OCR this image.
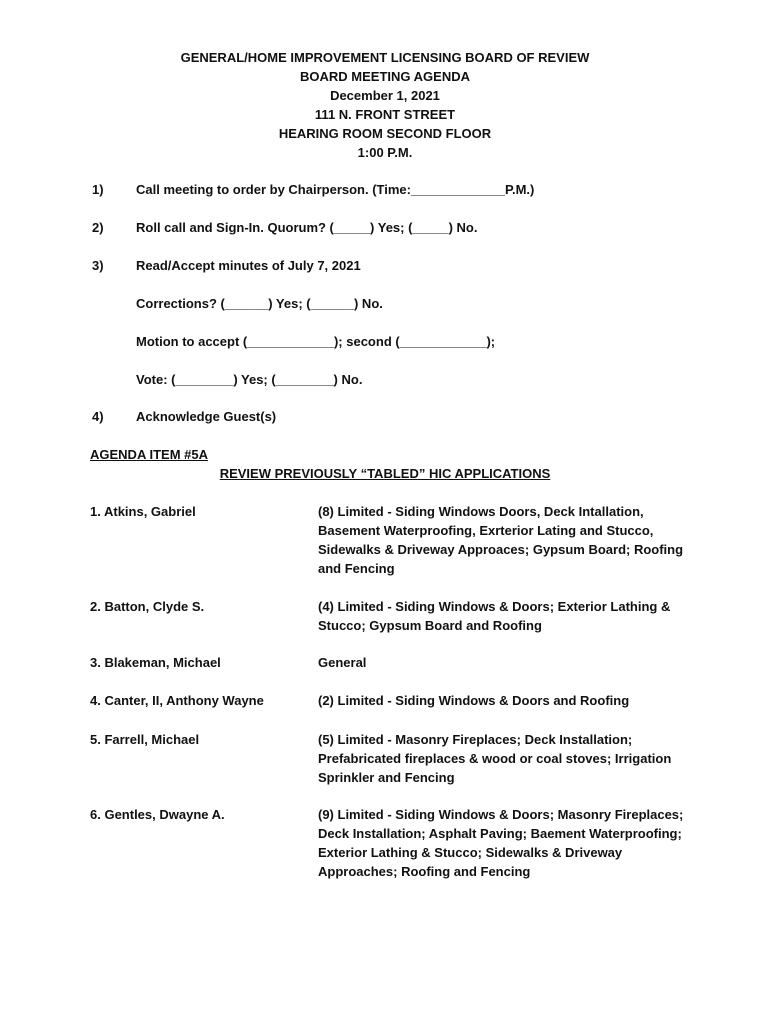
GENERAL/HOME IMPROVEMENT LICENSING BOARD OF REVIEW
BOARD MEETING AGENDA
December 1, 2021
111 N. FRONT STREET
HEARING ROOM SECOND FLOOR
1:00 P.M.
1) Call meeting to order by Chairperson. (Time:_____________P.M.)
2) Roll call and Sign-In. Quorum? (_____) Yes; (_____) No.
3) Read/Accept minutes of July 7, 2021
Corrections? (______) Yes; (______) No.
Motion to accept (____________); second (____________);
Vote: (________) Yes; (________) No.
4) Acknowledge Guest(s)
AGENDA ITEM #5A
REVIEW PREVIOUSLY “TABLED” HIC APPLICATIONS
1. Atkins, Gabriel	(8) Limited - Siding Windows Doors, Deck Intallation, Basement Waterproofing, Exrterior Lating and Stucco, Sidewalks & Driveway Approaces; Gypsum Board; Roofing and Fencing
2. Batton, Clyde S.	(4) Limited - Siding Windows & Doors; Exterior Lathing & Stucco; Gypsum Board and Roofing
3. Blakeman, Michael	General
4. Canter, II, Anthony Wayne	(2) Limited - Siding Windows & Doors and Roofing
5. Farrell, Michael	(5) Limited - Masonry Fireplaces; Deck Installation; Prefabricated fireplaces & wood or coal stoves; Irrigation Sprinkler and Fencing
6. Gentles, Dwayne A.	(9) Limited - Siding Windows & Doors; Masonry Fireplaces; Deck Installation; Asphalt Paving; Baement Waterproofing; Exterior Lathing & Stucco; Sidewalks & Driveway Approaches; Roofing and Fencing
